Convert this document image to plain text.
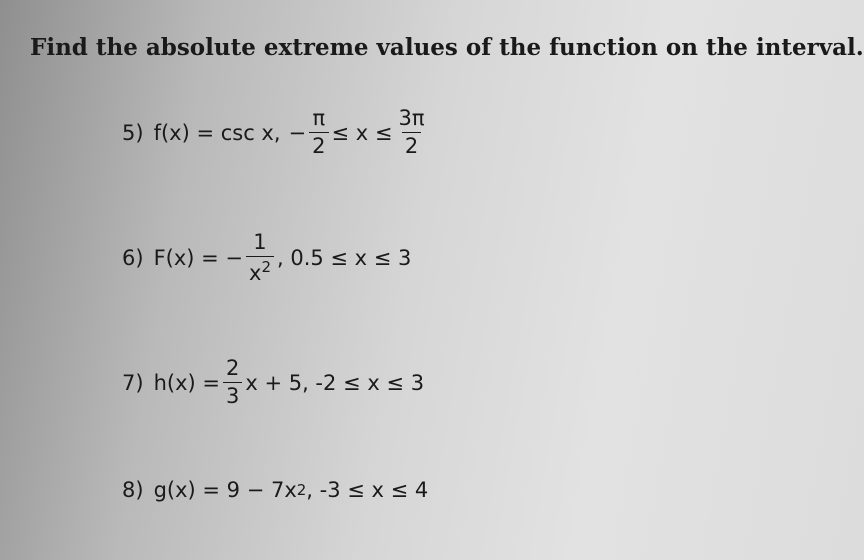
Find the absolute extreme values of the function on the interval.

5) f(x) = csc x, − $\frac{\pi}{2} \le x \le \frac{3\pi}{2}$
6) F(x) = − $\frac{1}{x^2}$ , 0.5 ≤ x ≤ 3
7) $h(x) = \frac{2}{3}$ x + 5, -2 ≤ x ≤ 3
8) g(x) = 9 − 7x 2 , -3 ≤ x ≤ 4
